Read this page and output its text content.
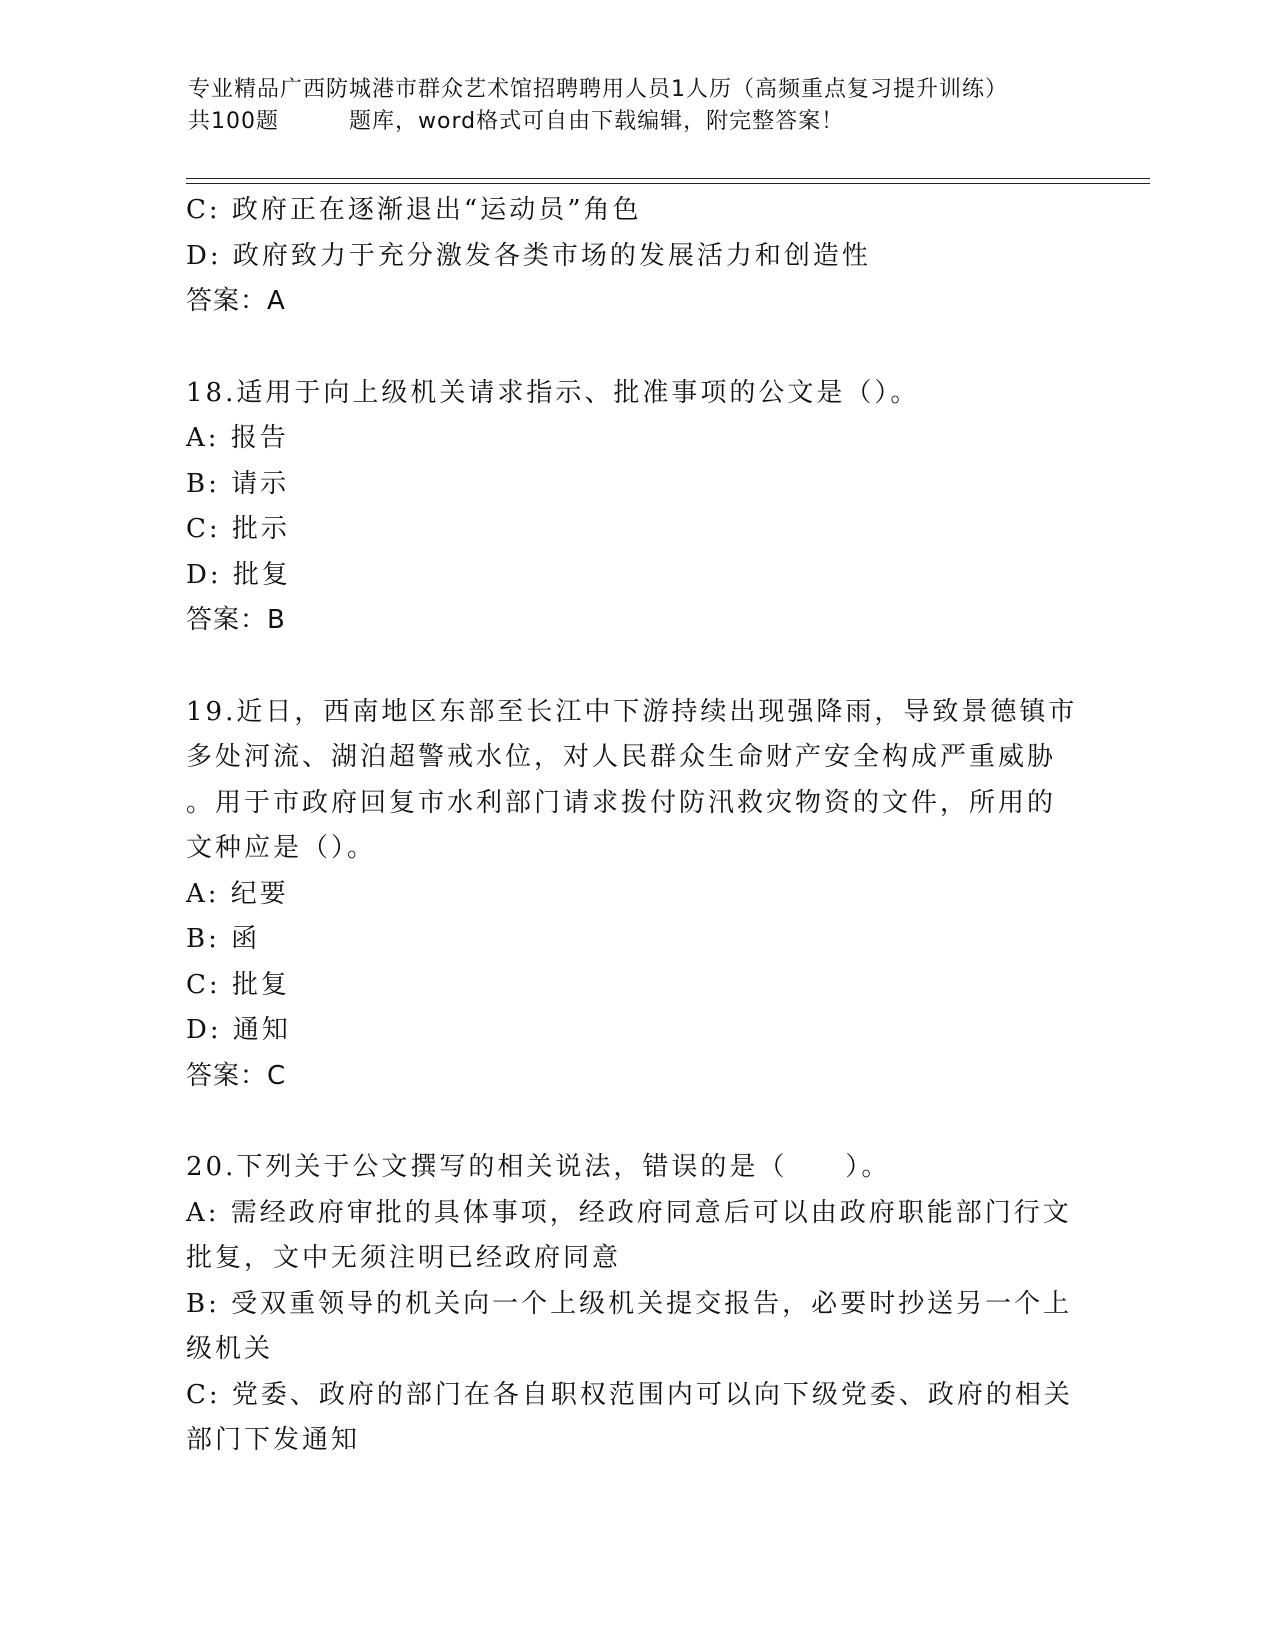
专业精品广西防城港市群众艺术馆招聘聘用人员1人历（高频重点复习提升训练）
共100题	题库，word格式可自由下载编辑，附完整答案！
C: 政府正在逐渐退出“运动员”角色
D: 政府致力于充分激发各类市场的发展活力和创造性
答案：A
18.适用于向上级机关请求指示、批准事项的公文是（）。
A: 报告
B: 请示
C: 批示
D: 批复
答案：B
19.近日，西南地区东部至长江中下游持续出现强降雨，导致景德镇市
多处河流、湖泊超警戒水位，对人民群众生命财产安全构成严重威胁
。用于市政府回复市水利部门请求拨付防汛救灾物资的文件，所用的
文种应是（）。
A: 纪要
B: 函
C: 批复
D: 通知
答案：C
20.下列关于公文撰写的相关说法，错误的是（　　）。
A: 需经政府审批的具体事项，经政府同意后可以由政府职能部门行文
批复，文中无须注明已经政府同意
B: 受双重领导的机关向一个上级机关提交报告，必要时抄送另一个上
级机关
C: 党委、政府的部门在各自职权范围内可以向下级党委、政府的相关
部门下发通知
